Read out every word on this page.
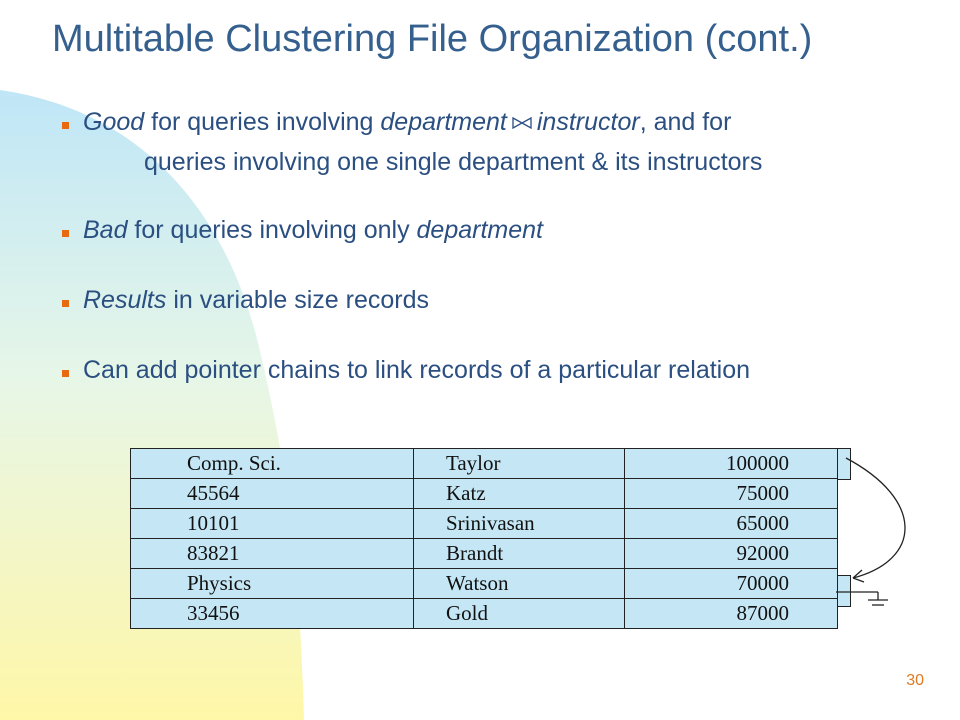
Multitable Clustering File Organization (cont.)
Good for queries involving department instructor, and for
queries involving one single department & its instructors
Bad for queries involving only department
Results in variable size records
Can add pointer chains to link records of a particular relation
Comp. Sci.	Taylor	100000
45564	Katz	75000
10101	Srinivasan	65000
83821	Brandt	92000
Physics	Watson	70000
33456	Gold	87000
30
